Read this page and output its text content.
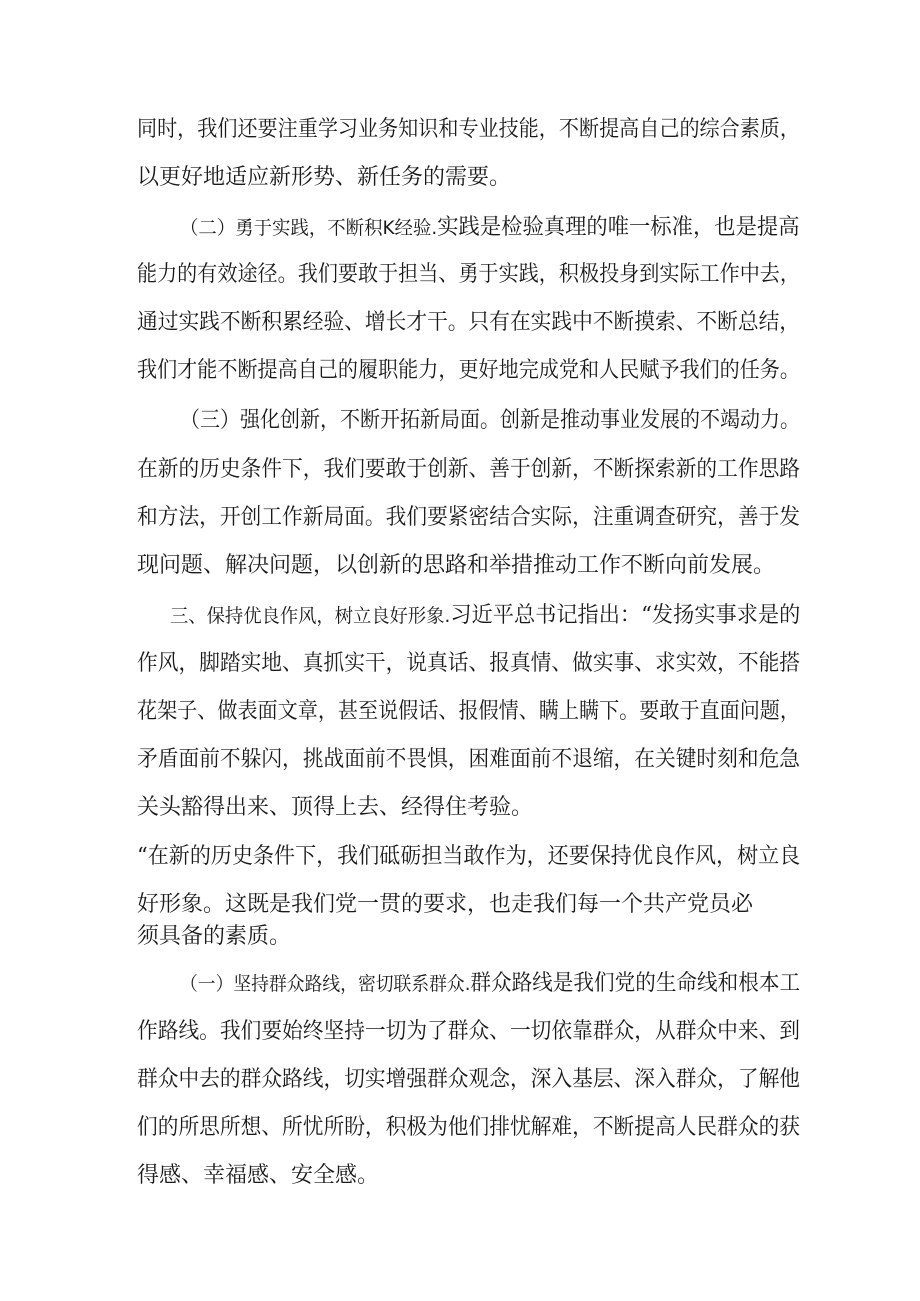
同时，我们还要注重学习业务知识和专业技能，不断提高自己的综合素质，

以更好地适应新形势、新任务的需要。

（二）勇于实践，不断积K经验.实践是检验真理的唯一标准，也是提高

能力的有效途径。我们要敢于担当、勇于实践，积极投身到实际工作中去，

通过实践不断积累经验、增长才干。只有在实践中不断摸索、不断总结，

我们才能不断提高自己的履职能力，更好地完成党和人民赋予我们的任务。

（三）强化创新，不断开拓新局面。创新是推动事业发展的不竭动力。

在新的历史条件下，我们要敢于创新、善于创新，不断探索新的工作思路

和方法，开创工作新局面。我们要紧密结合实际，注重调查研究，善于发

现问题、解决问题，以创新的思路和举措推动工作不断向前发展。

三、保持优良作风，树立良好形象.习近平总书记指出：“发扬实事求是的

作风，脚踏实地、真抓实干，说真话、报真情、做实事、求实效，不能搭

花架子、做表面文章，甚至说假话、报假情、瞒上瞒下。要敢于直面问题，

矛盾面前不躲闪，挑战面前不畏惧，困难面前不退缩，在关键时刻和危急

关头豁得出来、顶得上去、经得住考验。

“在新的历史条件下，我们砥砺担当敢作为，还要保持优良作风，树立良

好形象。这既是我们党一贯的要求，也走我们每一个共产党员必

须具备的素质。

（一）坚持群众路线，密切联系群众.群众路线是我们党的生命线和根本工

作路线。我们要始终坚持一切为了群众、一切依靠群众，从群众中来、到

群众中去的群众路线，切实增强群众观念，深入基层、深入群众，了解他

们的所思所想、所忧所盼，积极为他们排忧解难，不断提高人民群众的获

得感、幸福感、安全感。
